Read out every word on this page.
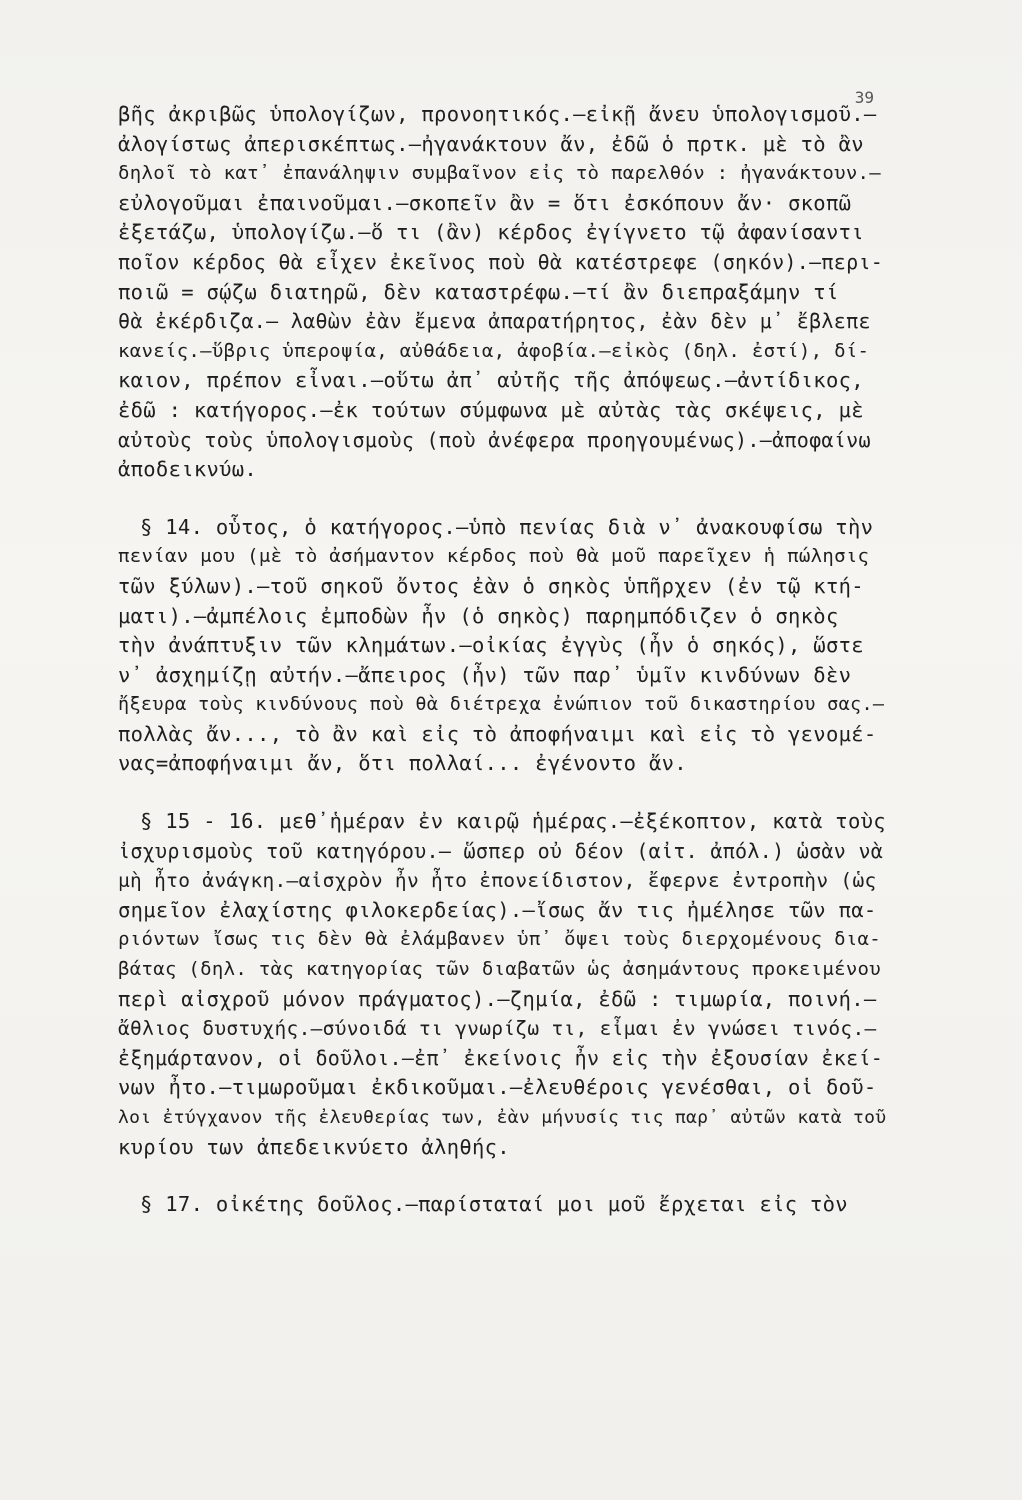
39
βῆς ἀκριβῶς ὑπολογίζων, προνοητικός.—εἰκῇ ἄνευ ὑπολογισμοῦ.—
ἀλογίστως ἀπερισκέπτως.—ἠγανάκτουν ἄν, ἐδῶ ὁ πρτκ. μὲ τὸ ἂν
δηλοῖ τὸ κατ᾽ ἐπανάληψιν συμβαῖνον εἰς τὸ παρελθόν : ἠγανάκτουν.—
εὐλογοῦμαι ἐπαινοῦμαι.—σκοπεῖν ἂν = ὅτι ἐσκόπουν ἄν· σκοπῶ
ἐξετάζω, ὑπολογίζω.—ὅ τι (ἂν) κέρδος ἐγίγνετο τῷ ἀφανίσαντι
ποῖον κέρδος θὰ εἶχεν ἐκεῖνος ποὺ θὰ κατέστρεφε (σηκόν).—περι-
ποιῶ = σῴζω διατηρῶ, δὲν καταστρέφω.—τί ἂν διεπραξάμην τί
θὰ ἐκέρδιζα.— λαθὼν ἐὰν ἔμενα ἀπαρατήρητος, ἐὰν δὲν μ᾽ ἔβλεπε
κανείς.—ὕβρις ὑπεροψία, αὐθάδεια, ἀφοβία.—εἰκὸς (δηλ. ἐστί), δί-
καιον, πρέπον εἶναι.—οὕτω ἀπ᾽ αὐτῆς τῆς ἀπόψεως.—ἀντίδικος,
ἐδῶ : κατήγορος.—ἐκ τούτων σύμφωνα μὲ αὐτὰς τὰς σκέψεις, μὲ
αὐτοὺς τοὺς ὑπολογισμοὺς (ποὺ ἀνέφερα προηγουμένως).—ἀποφαίνω
ἀποδεικνύω.
§ 14. οὗτος, ὁ κατήγορος.—ὑπὸ πενίας διὰ ν᾽ ἀνακουφίσω τὴν
πενίαν μου (μὲ τὸ ἀσήμαντον κέρδος ποὺ θὰ μοῦ παρεῖχεν ἡ πώλησις
τῶν ξύλων).—τοῦ σηκοῦ ὄντος ἐὰν ὁ σηκὸς ὑπῆρχεν (ἐν τῷ κτή-
ματι).—ἀμπέλοις ἐμποδὼν ἦν (ὁ σηκὸς) παρημπόδιζεν ὁ σηκὸς
τὴν ἀνάπτυξιν τῶν κλημάτων.—οἰκίας ἐγγὺς (ἦν ὁ σηκός), ὥστε
ν᾽ ἀσχημίζῃ αὐτήν.—ἄπειρος (ἦν) τῶν παρ᾽ ὑμῖν κινδύνων δὲν
ἤξευρα τοὺς κινδύνους ποὺ θὰ διέτρεχα ἐνώπιον τοῦ δικαστηρίου σας.—
πολλὰς ἄν..., τὸ ἂν καὶ εἰς τὸ ἀποφήναιμι καὶ εἰς τὸ γενομέ-
νας=ἀποφήναιμι ἄν, ὅτι πολλαί... ἐγένοντο ἄν.
§ 15 - 16. μεθ᾽ἡμέραν ἐν καιρῷ ἡμέρας.—ἐξέκοπτον, κατὰ τοὺς
ἰσχυρισμοὺς τοῦ κατηγόρου.— ὥσπερ οὐ δέον (αἰτ. ἀπόλ.) ὡσὰν νὰ
μὴ ἦτο ἀνάγκη.—αἰσχρὸν ἦν ἦτο ἐπονείδιστον, ἔφερνε ἐντροπὴν (ὡς
σημεῖον ἐλαχίστης φιλοκερδείας).—ἴσως ἄν τις ἠμέλησε τῶν πα-
ριόντων ἴσως τις δὲν θὰ ἐλάμβανεν ὑπ᾽ ὄψει τοὺς διερχομένους δια-
βάτας (δηλ. τὰς κατηγορίας τῶν διαβατῶν ὡς ἀσημάντους προκειμένου
περὶ αἰσχροῦ μόνον πράγματος).—ζημία, ἐδῶ : τιμωρία, ποινή.—
ἄθλιος δυστυχής.—σύνοιδά τι γνωρίζω τι, εἶμαι ἐν γνώσει τινός.—
ἐξημάρτανον, οἱ δοῦλοι.—ἐπ᾽ ἐκείνοις ἦν εἰς τὴν ἐξουσίαν ἐκεί-
νων ἦτο.—τιμωροῦμαι ἐκδικοῦμαι.—ἐλευθέροις γενέσθαι, οἱ δοῦ-
λοι ἐτύγχανον τῆς ἐλευθερίας των, ἐὰν μήνυσίς τις παρ᾽ αὐτῶν κατὰ τοῦ
κυρίου των ἀπεδεικνύετο ἀληθής.
§ 17. οἰκέτης δοῦλος.—παρίσταταί μοι μοῦ ἔρχεται εἰς τὸν
